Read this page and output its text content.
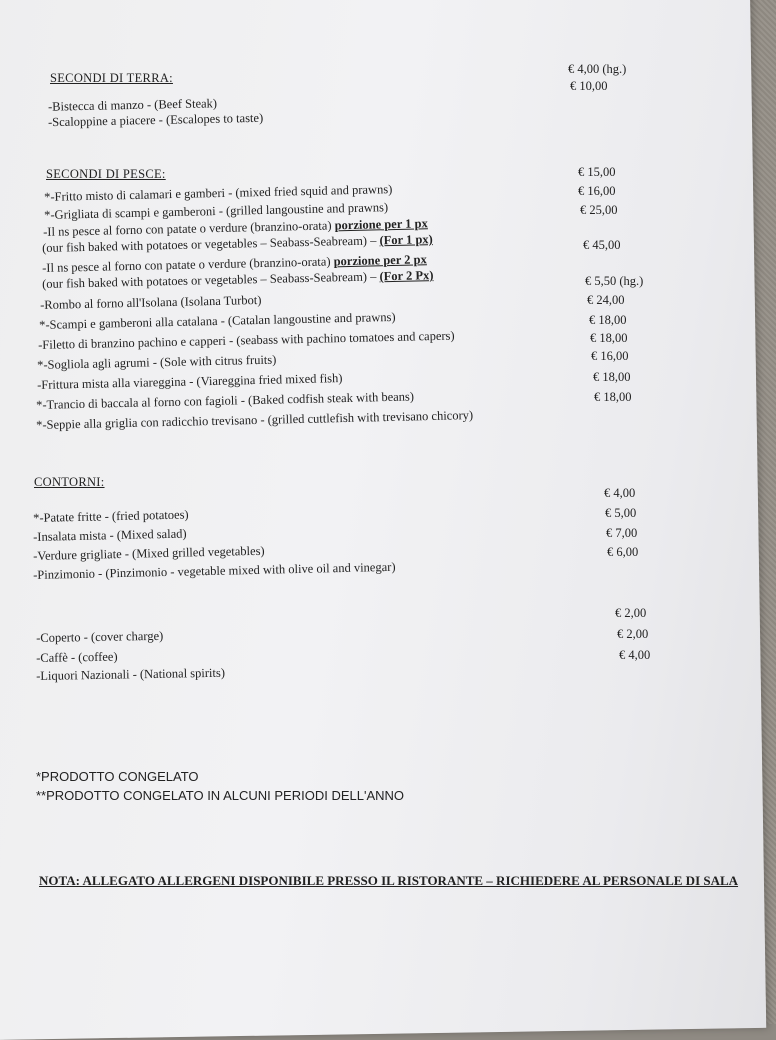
SECONDI DI TERRA:
-Bistecca di manzo - (Beef Steak)
-Scaloppine a piacere - (Escalopes to taste)
€ 4,00 (hg.)
€ 10,00
SECONDI DI PESCE:
*-Fritto misto di calamari e gamberi - (mixed fried squid and prawns)
*-Grigliata di scampi e gamberoni - (grilled langoustine and prawns)
-Il ns pesce al forno con patate o verdure (branzino-orata) porzione per 1 px
(our fish baked with potatoes or vegetables – Seabass-Seabream) – (For 1 px)
-Il ns pesce al forno con patate o verdure (branzino-orata) porzione per 2 px
(our fish baked with potatoes or vegetables – Seabass-Seabream) – (For 2 Px)
-Rombo al forno all'Isolana (Isolana Turbot)
*-Scampi e gamberoni alla catalana - (Catalan langoustine and prawns)
-Filetto di branzino pachino e capperi - (seabass with pachino tomatoes and capers)
*-Sogliola agli agrumi - (Sole with citrus fruits)
-Frittura mista alla viareggina - (Viareggina fried mixed fish)
*-Trancio di baccala al forno con fagioli - (Baked codfish steak with beans)
*-Seppie alla griglia con radicchio trevisano - (grilled cuttlefish with trevisano chicory)
€ 15,00
€ 16,00
€ 25,00
€ 45,00
€ 5,50 (hg.)
€ 24,00
€ 18,00
€ 18,00
€ 16,00
€ 18,00
€ 18,00
CONTORNI:
*-Patate fritte - (fried potatoes)
-Insalata mista - (Mixed salad)
-Verdure grigliate - (Mixed grilled vegetables)
-Pinzimonio - (Pinzimonio - vegetable mixed with olive oil and vinegar)
€ 4,00
€ 5,00
€ 7,00
€ 6,00
-Coperto - (cover charge)
-Caffè - (coffee)
-Liquori Nazionali - (National spirits)
€ 2,00
€ 2,00
€ 4,00
*PRODOTTO CONGELATO
**PRODOTTO CONGELATO IN ALCUNI PERIODI DELL'ANNO
NOTA: ALLEGATO ALLERGENI DISPONIBILE PRESSO IL RISTORANTE – RICHIEDERE AL PERSONALE DI SALA
